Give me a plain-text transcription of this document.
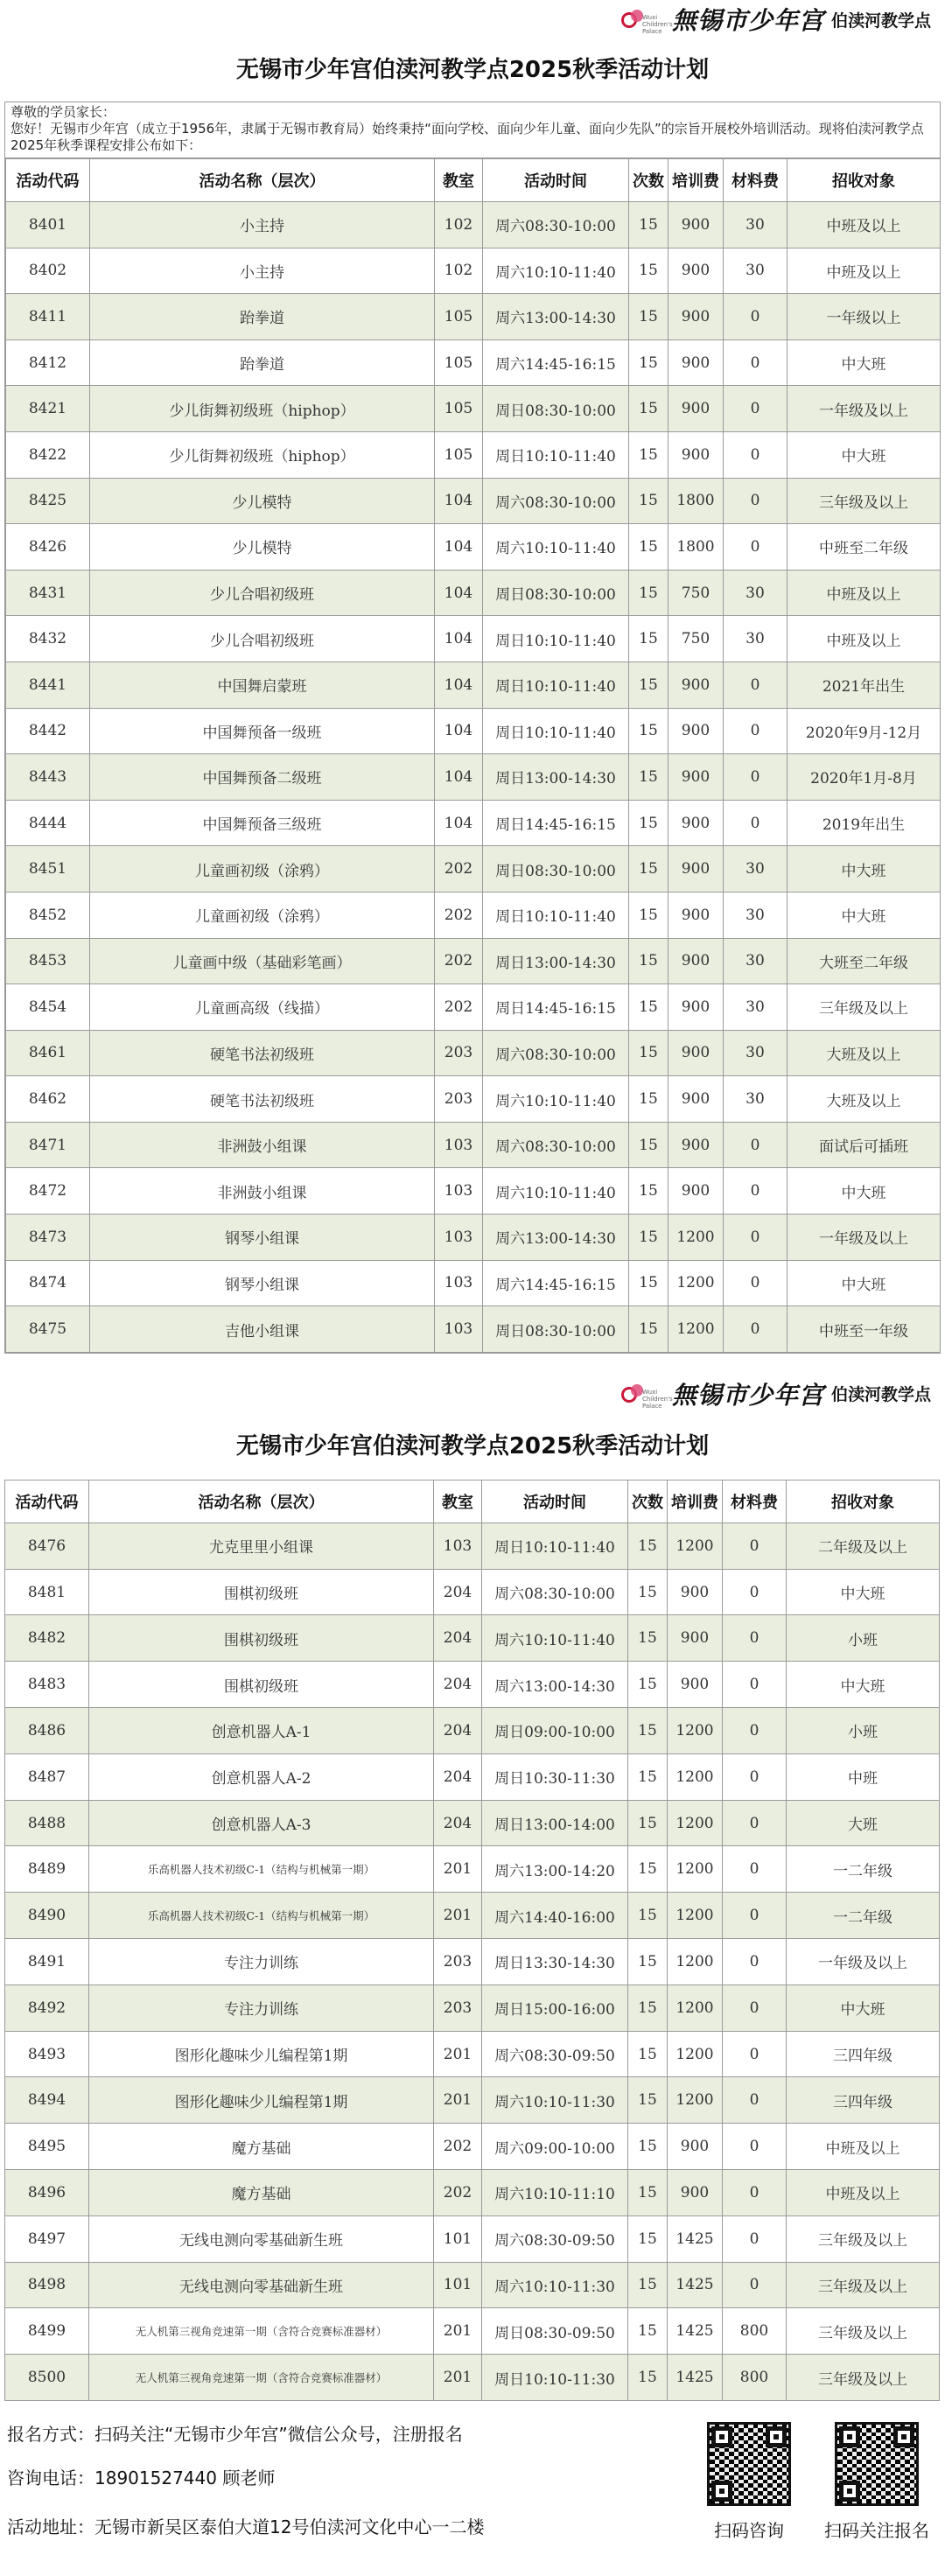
Wuxi Children's Palace 無锡市少年宫 伯渎河教学点
无锡市少年宫伯渎河教学点2025秋季活动计划
尊敬的学员家长：
您好！无锡市少年宫（成立于1956年，隶属于无锡市教育局）始终秉持“面向学校、面向少年儿童、面向少先队”的宗旨开展校外培训活动。现将伯渎河教学点2025年秋季课程安排公布如下：
活动代码	活动名称（层次）	教室	活动时间	次数	培训费	材料费	招收对象
8401	小主持	102	周六08:30-10:00	15	900	30	中班及以上
8402	小主持	102	周六10:10-11:40	15	900	30	中班及以上
8411	跆拳道	105	周六13:00-14:30	15	900	0	一年级以上
8412	跆拳道	105	周六14:45-16:15	15	900	0	中大班
8421	少儿街舞初级班（hiphop）	105	周日08:30-10:00	15	900	0	一年级及以上
8422	少儿街舞初级班（hiphop）	105	周日10:10-11:40	15	900	0	中大班
8425	少儿模特	104	周六08:30-10:00	15	1800	0	三年级及以上
8426	少儿模特	104	周六10:10-11:40	15	1800	0	中班至二年级
8431	少儿合唱初级班	104	周日08:30-10:00	15	750	30	中班及以上
8432	少儿合唱初级班	104	周日10:10-11:40	15	750	30	中班及以上
8441	中国舞启蒙班	104	周日10:10-11:40	15	900	0	2021年出生
8442	中国舞预备一级班	104	周日10:10-11:40	15	900	0	2020年9月-12月
8443	中国舞预备二级班	104	周日13:00-14:30	15	900	0	2020年1月-8月
8444	中国舞预备三级班	104	周日14:45-16:15	15	900	0	2019年出生
8451	儿童画初级（涂鸦）	202	周日08:30-10:00	15	900	30	中大班
8452	儿童画初级（涂鸦）	202	周日10:10-11:40	15	900	30	中大班
8453	儿童画中级（基础彩笔画）	202	周日13:00-14:30	15	900	30	大班至二年级
8454	儿童画高级（线描）	202	周日14:45-16:15	15	900	30	三年级及以上
8461	硬笔书法初级班	203	周六08:30-10:00	15	900	30	大班及以上
8462	硬笔书法初级班	203	周六10:10-11:40	15	900	30	大班及以上
8471	非洲鼓小组课	103	周六08:30-10:00	15	900	0	面试后可插班
8472	非洲鼓小组课	103	周六10:10-11:40	15	900	0	中大班
8473	钢琴小组课	103	周六13:00-14:30	15	1200	0	一年级及以上
8474	钢琴小组课	103	周六14:45-16:15	15	1200	0	中大班
8475	吉他小组课	103	周日08:30-10:00	15	1200	0	中班至一年级
Wuxi Children's Palace 無锡市少年宫 伯渎河教学点
无锡市少年宫伯渎河教学点2025秋季活动计划
活动代码	活动名称（层次）	教室	活动时间	次数	培训费	材料费	招收对象
8476	尤克里里小组课	103	周日10:10-11:40	15	1200	0	二年级及以上
8481	围棋初级班	204	周六08:30-10:00	15	900	0	中大班
8482	围棋初级班	204	周六10:10-11:40	15	900	0	小班
8483	围棋初级班	204	周六13:00-14:30	15	900	0	中大班
8486	创意机器人A-1	204	周日09:00-10:00	15	1200	0	小班
8487	创意机器人A-2	204	周日10:30-11:30	15	1200	0	中班
8488	创意机器人A-3	204	周日13:00-14:00	15	1200	0	大班
8489	乐高机器人技术初级C-1（结构与机械第一期）	201	周六13:00-14:20	15	1200	0	一二年级
8490	乐高机器人技术初级C-1（结构与机械第一期）	201	周六14:40-16:00	15	1200	0	一二年级
8491	专注力训练	203	周日13:30-14:30	15	1200	0	一年级及以上
8492	专注力训练	203	周日15:00-16:00	15	1200	0	中大班
8493	图形化趣味少儿编程第1期	201	周六08:30-09:50	15	1200	0	三四年级
8494	图形化趣味少儿编程第1期	201	周六10:10-11:30	15	1200	0	三四年级
8495	魔方基础	202	周六09:00-10:00	15	900	0	中班及以上
8496	魔方基础	202	周六10:10-11:10	15	900	0	中班及以上
8497	无线电测向零基础新生班	101	周六08:30-09:50	15	1425	0	三年级及以上
8498	无线电测向零基础新生班	101	周六10:10-11:30	15	1425	0	三年级及以上
8499	无人机第三视角竞速第一期（含符合竞赛标准器材）	201	周日08:30-09:50	15	1425	800	三年级及以上
8500	无人机第三视角竞速第一期（含符合竞赛标准器材）	201	周日10:10-11:30	15	1425	800	三年级及以上
报名方式：扫码关注“无锡市少年宫”微信公众号，注册报名
咨询电话：18901527440 顾老师
活动地址：无锡市新吴区泰伯大道12号伯渎河文化中心一二楼	扫码咨询	扫码关注报名
